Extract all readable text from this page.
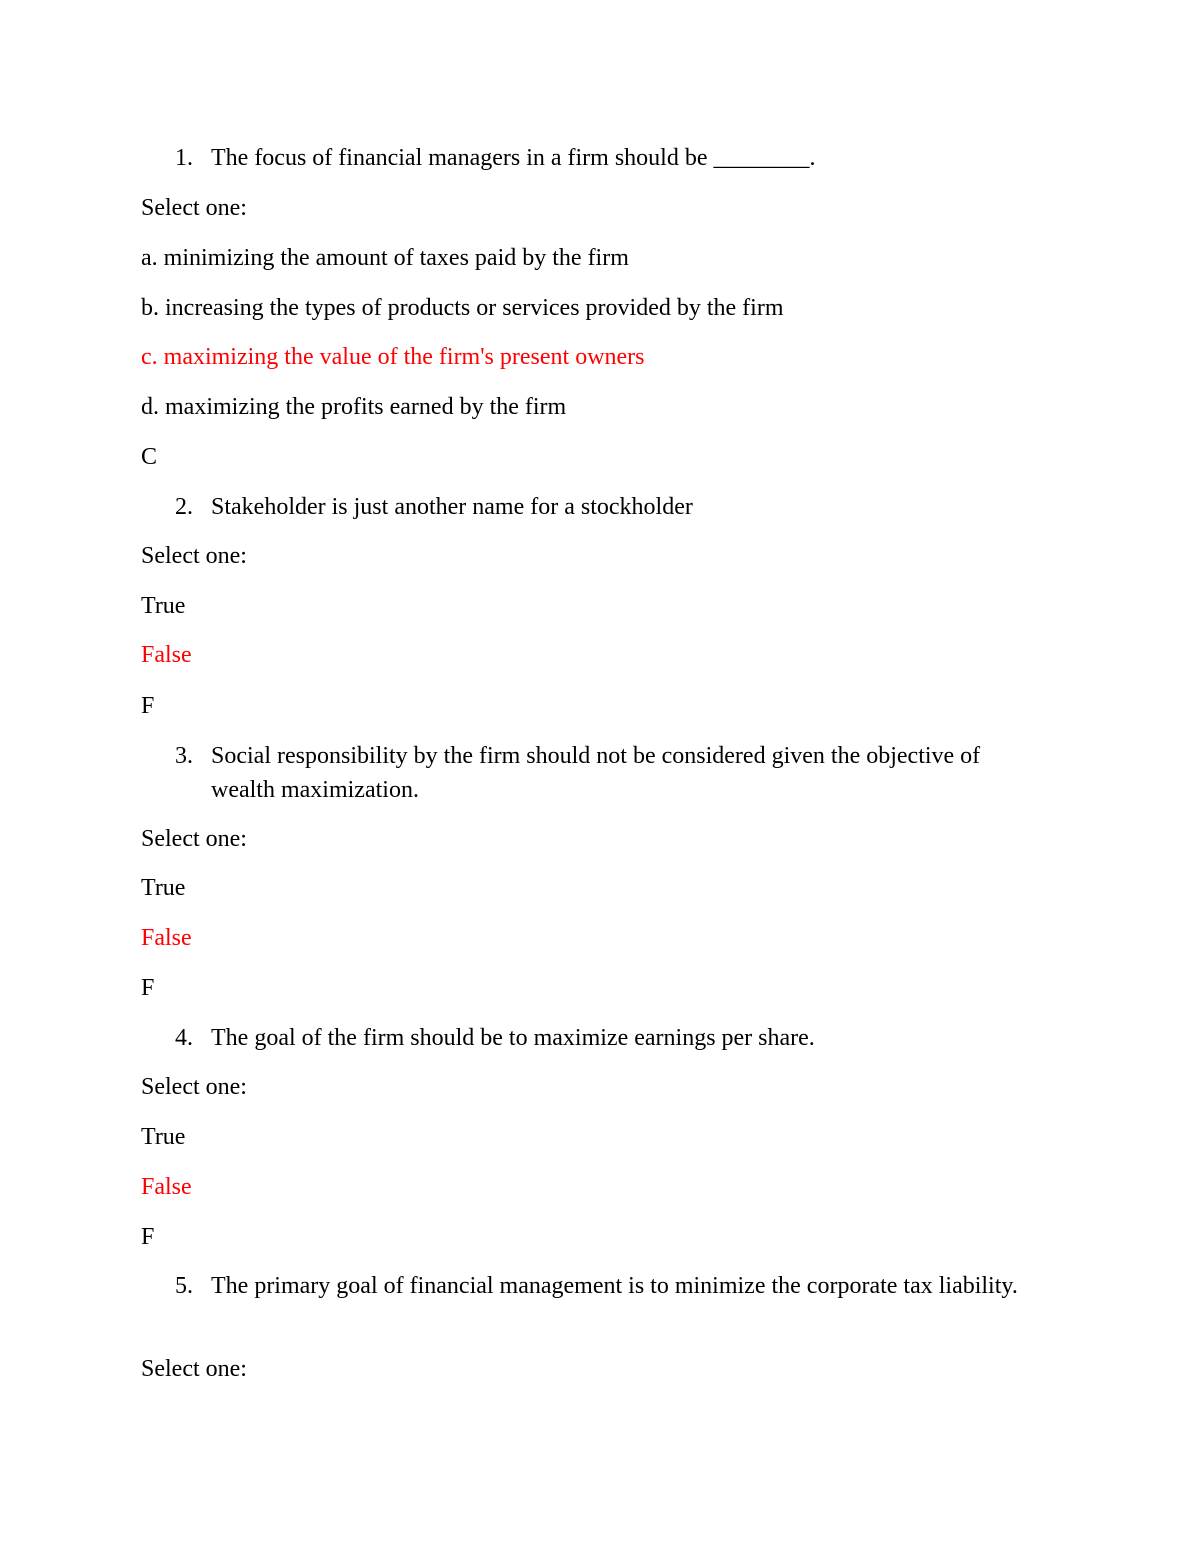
1. The focus of financial managers in a firm should be ________.
Select one:
a. minimizing the amount of taxes paid by the firm
b. increasing the types of products or services provided by the firm
c. maximizing the value of the firm's present owners
d. maximizing the profits earned by the firm
C
2. Stakeholder is just another name for a stockholder
Select one:
True
False
F
3. Social responsibility by the firm should not be considered given the objective of wealth maximization.
Select one:
True
False
F
4. The goal of the firm should be to maximize earnings per share.
Select one:
True
False
F
5. The primary goal of financial management is to minimize the corporate tax liability.
Select one:
